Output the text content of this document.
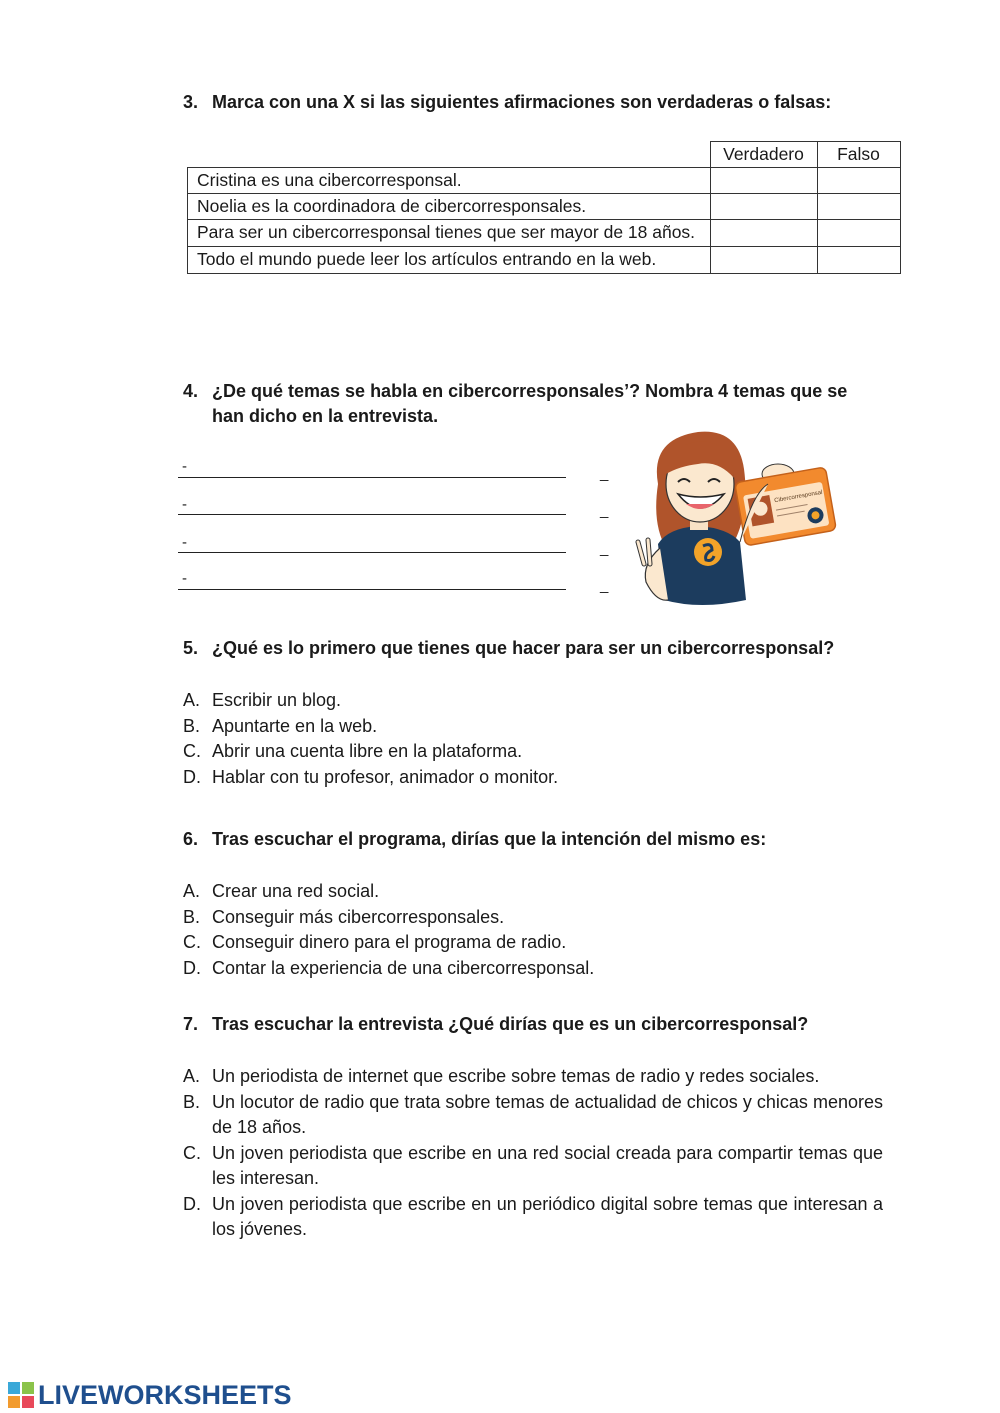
3. Marca con una X si las siguientes afirmaciones son verdaderas o falsas:
	Verdadero	Falso
Cristina es una cibercorresponsal.		
Noelia es la coordinadora de cibercorresponsales.		
Para ser un cibercorresponsal tienes que ser mayor de 18 años.		
Todo el mundo puede leer los artículos entrando en la web.		
4. ¿De qué temas se habla en cibercorresponsales’? Nombra 4 temas que se
han dicho en la entrevista.
-	_
-	_
-	_
-	_
Cibercorresponsal
5. ¿Qué es lo primero que tienes que hacer para ser un cibercorresponsal?
A. Escribir un blog.
B. Apuntarte en la web.
C. Abrir una cuenta libre en la plataforma.
D. Hablar con tu profesor, animador o monitor.
6. Tras escuchar el programa, dirías que la intención del mismo es:
A. Crear una red social.
B. Conseguir más cibercorresponsales.
C. Conseguir dinero para el programa de radio.
D. Contar la experiencia de una cibercorresponsal.
7. Tras escuchar la entrevista ¿Qué dirías que es un cibercorresponsal?
A. Un periodista de internet que escribe sobre temas de radio y redes sociales.
B. Un locutor de radio que trata sobre temas de actualidad de chicos y chicas menores de 18 años.
C. Un joven periodista que escribe en una red social creada para compartir temas que les interesan.
D. Un joven periodista que escribe en un periódico digital sobre temas que interesan a los jóvenes.
LIVEWORKSHEETS
